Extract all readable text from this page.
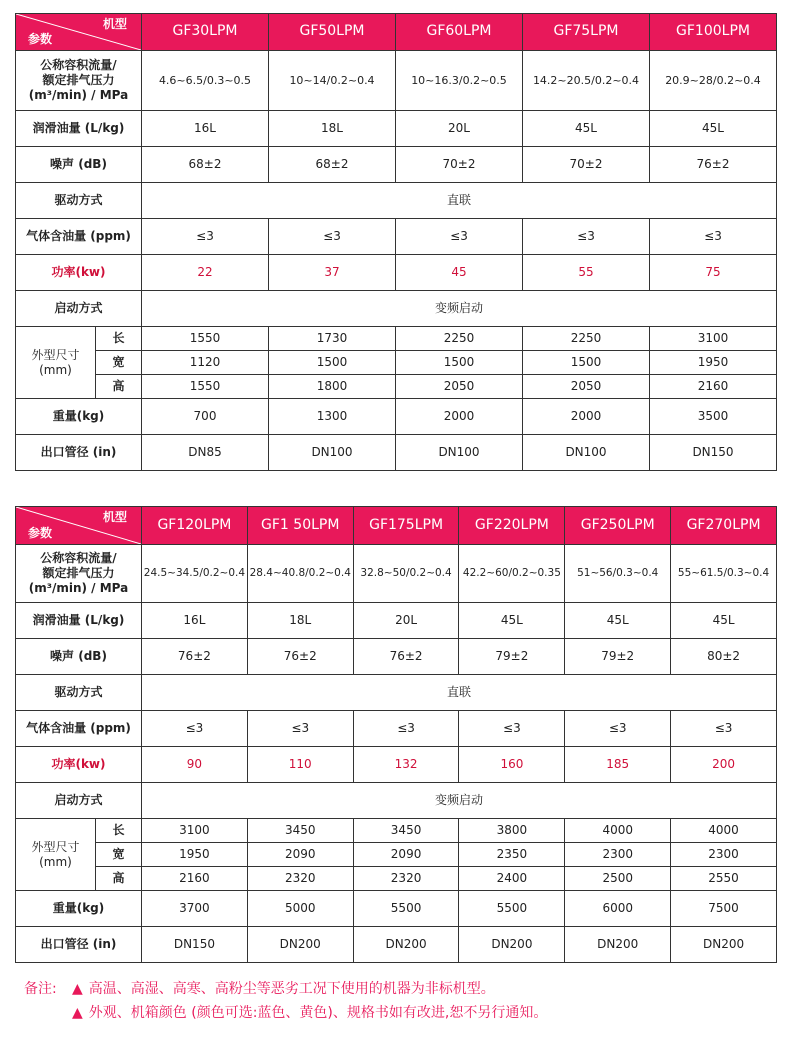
机型
参数		GF30LPM	GF50LPM	GF60LPM	GF75LPM	GF100LPM

公称容积流量/
额定排气压力
(m³/min) / MPa		4.6~6.5/0.3~0.5	10~14/0.2~0.4	10~16.3/0.2~0.5	14.2~20.5/0.2~0.4	20.9~28/0.2~0.4
润滑油量 (L/kg)		16L	18L	20L	45L	45L
噪声 (dB)		68±2	68±2	70±2	70±2	76±2
驱动方式		直联				
气体含油量 (ppm)		≤3	≤3	≤3	≤3	≤3
功率(kw)		22	37	45	55	75
启动方式		变频启动				

外型尺寸
(mm)	长	1550	1730	2250	2250	3100
	宽	1120	1500	1500	1500	1950
	高	1550	1800	2050	2050	2160
重量(kg)		700	1300	2000	2000	3500
出口管径 (in)		DN85	DN100	DN100	DN100	DN150
机型
参数		GF120LPM	GF1 50LPM	GF175LPM	GF220LPM	GF250LPM	GF270LPM

公称容积流量/
额定排气压力
(m³/min) / MPa		24.5~34.5/0.2~0.4	28.4~40.8/0.2~0.4	32.8~50/0.2~0.4	42.2~60/0.2~0.35	51~56/0.3~0.4	55~61.5/0.3~0.4
润滑油量 (L/kg)		16L	18L	20L	45L	45L	45L
噪声 (dB)		76±2	76±2	76±2	79±2	79±2	80±2
驱动方式		直联					
气体含油量 (ppm)		≤3	≤3	≤3	≤3	≤3	≤3
功率(kw)		90	110	132	160	185	200
启动方式		变频启动					

外型尺寸
(mm)	长	3100	3450	3450	3800	4000	4000
	宽	1950	2090	2090	2350	2300	2300
	高	2160	2320	2320	2400	2500	2550
重量(kg)		3700	5000	5500	5500	6000	7500
出口管径 (in)		DN150	DN200	DN200	DN200	DN200	DN200
备注:	▲ 高温、高湿、高寒、高粉尘等恶劣工况下使用的机器为非标机型。
▲ 外观、机箱颜色 (颜色可选:蓝色、黄色)、规格书如有改进,恕不另行通知。
